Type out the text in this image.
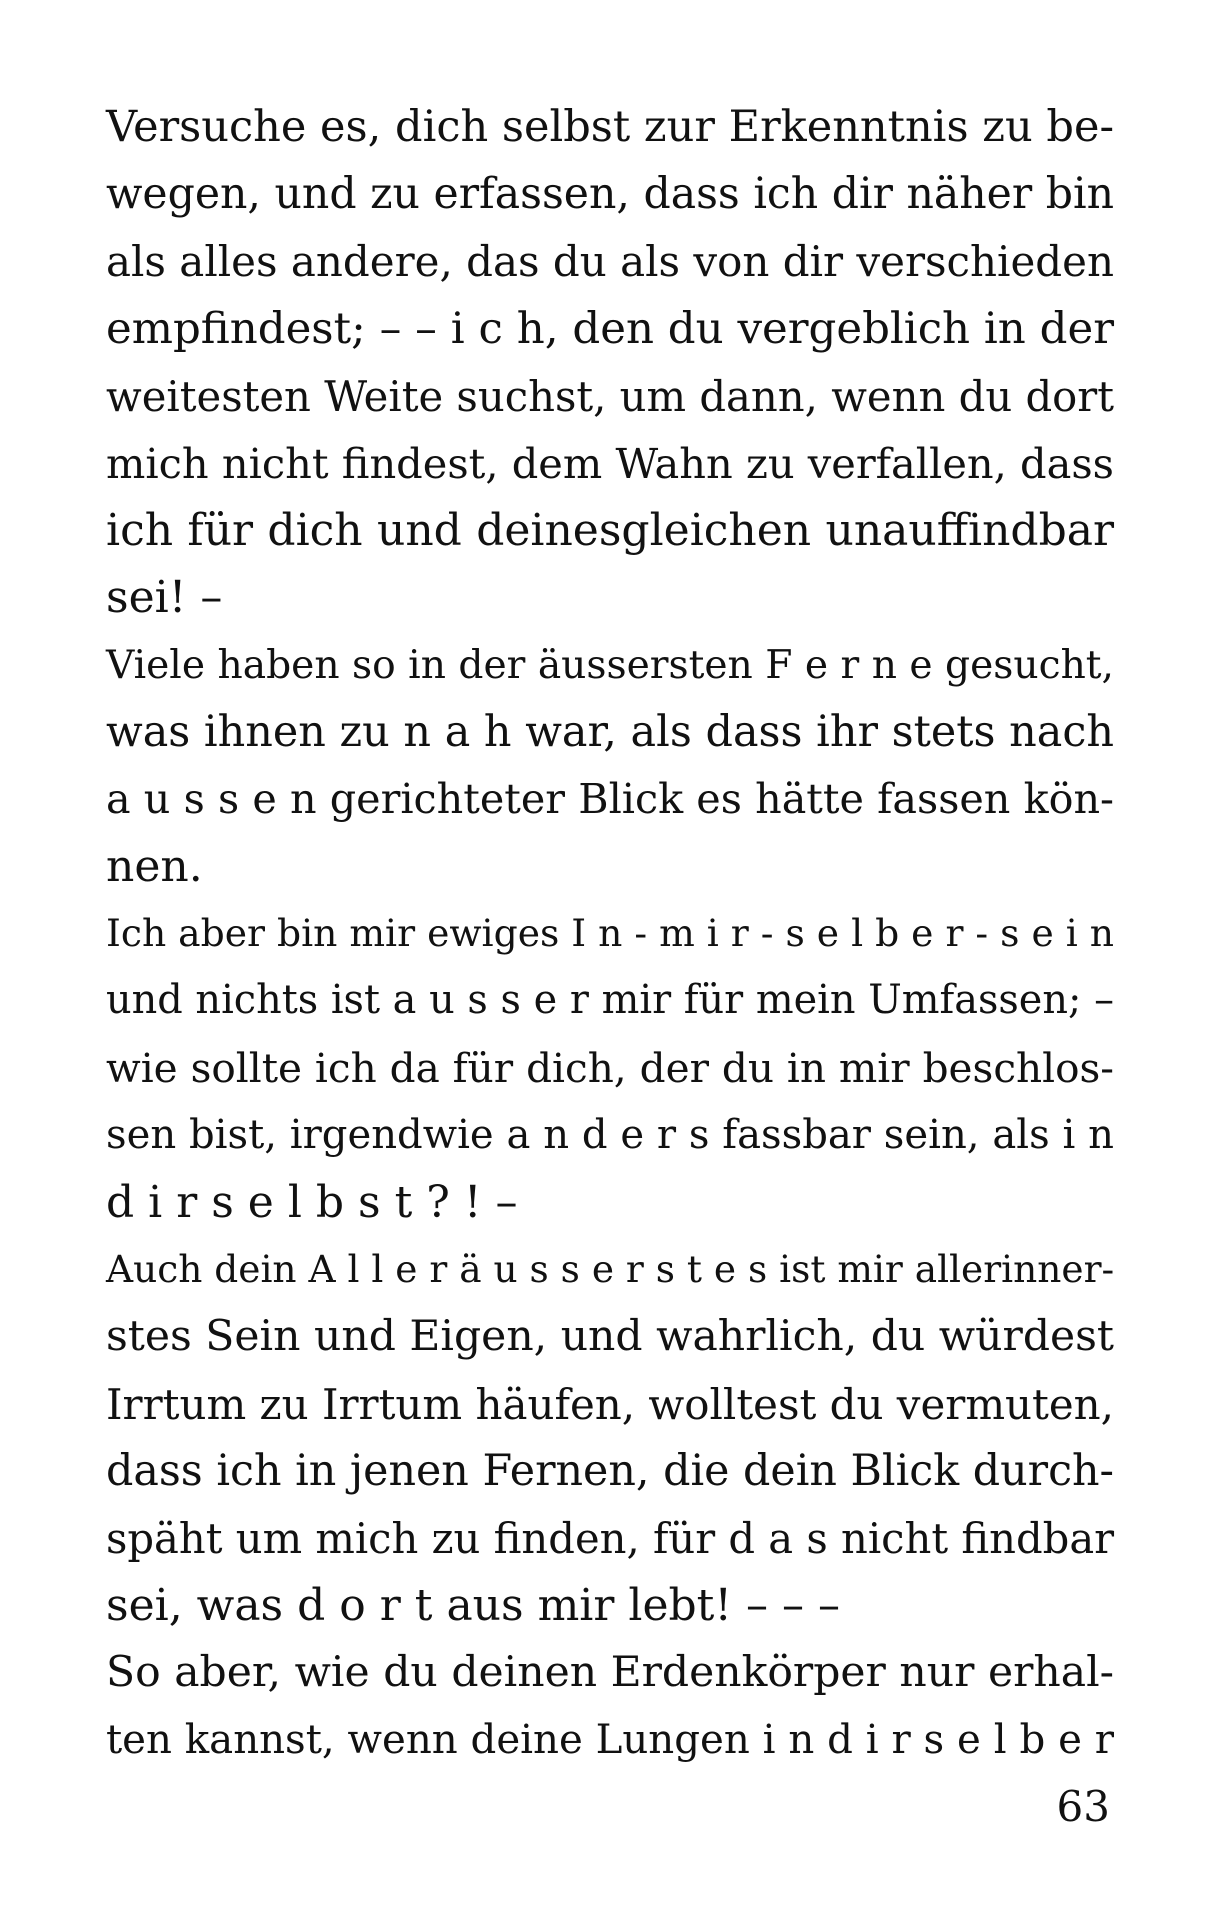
Versuche es, dich selbst zur Erkenntnis zu be-
wegen, und zu erfassen, dass ich dir näher bin
als alles andere, das du als von dir verschieden
empfindest; – – i c h, den du vergeblich in der
weitesten Weite suchst, um dann, wenn du dort
mich nicht findest, dem Wahn zu verfallen, dass
ich für dich und deinesgleichen unauffindbar
sei! –
Viele haben so in der äussersten F e r n e gesucht,
was ihnen zu n a h war, als dass ihr stets nach
a u s s e n gerichteter Blick es hätte fassen kön-
nen.
Ich aber bin mir ewiges I n - m i r - s e l b e r - s e i n
und nichts ist a u s s e r mir für mein Umfassen; –
wie sollte ich da für dich, der du in mir beschlos-
sen bist, irgendwie a n d e r s fassbar sein, als i n
d i r s e l b s t ? ! –
Auch dein A l l e r ä u s s e r s t e s ist mir allerinner-
stes Sein und Eigen, und wahrlich, du würdest
Irrtum zu Irrtum häufen, wolltest du vermuten,
dass ich in jenen Fernen, die dein Blick durch-
späht um mich zu finden, für d a s nicht findbar
sei, was d o r t aus mir lebt! – – –
So aber, wie du deinen Erdenkörper nur erhal-
ten kannst, wenn deine Lungen i n d i r s e l b e r
63
